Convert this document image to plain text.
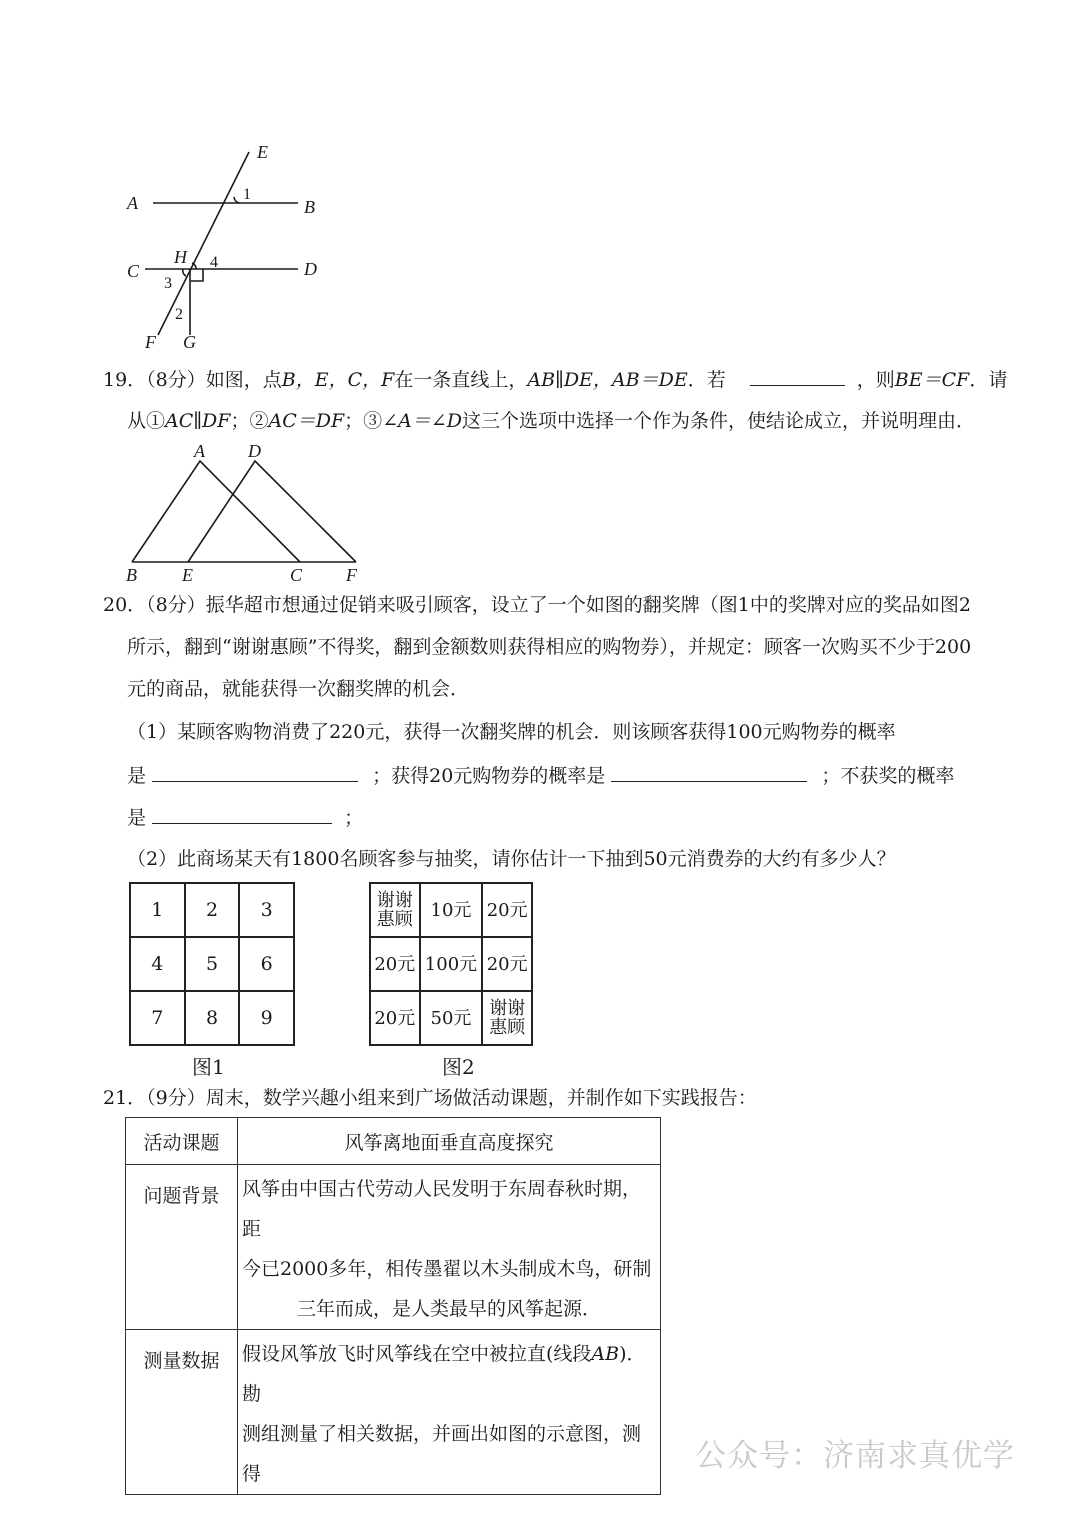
E
A	B
C	D
H
F G
1
4
3
2
19．（8分）如图，点B，E，C，F在一条直线上，AB∥DE，AB＝DE．若	，则BE＝CF．请
从①AC∥DF；②AC＝DF；③∠A＝∠D这三个选项中选择一个作为条件，使结论成立，并说明理由．
A D
B	E	C F
20．（8分）振华超市想通过促销来吸引顾客，设立了一个如图的翻奖牌（图1中的奖牌对应的奖品如图2
所示，翻到“谢谢惠顾”不得奖，翻到金额数则获得相应的购物券），并规定：顾客一次购买不少于200
元的商品，就能获得一次翻奖牌的机会．
（1）某顾客购物消费了220元，获得一次翻奖牌的机会．则该顾客获得100元购物券的概率
是	；获得20元购物券的概率是	；不获奖的概率
是	；
（2）此商场某天有1800名顾客参与抽奖，请你估计一下抽到50元消费券的大约有多少人？
1	2	3
4	5	6
7	8	9
图1
谢谢惠顾	10元	20元
20元	100元	20元
20元	50元	谢谢惠顾
图2
21．（9分）周末，数学兴趣小组来到广场做活动课题，并制作如下实践报告：
活动课题	风筝离地面垂直高度探究
问题背景	风筝由中国古代劳动人民发明于东周春秋时期，距
今已2000多年，相传墨翟以木头制成木鸟，研制
三年而成，是人类最早的风筝起源．

测量数据	假设风筝放飞时风筝线在空中被拉直(线段AB)．勘
测组测量了相关数据，并画出如图的示意图，测得	公众号：济南求真优学
